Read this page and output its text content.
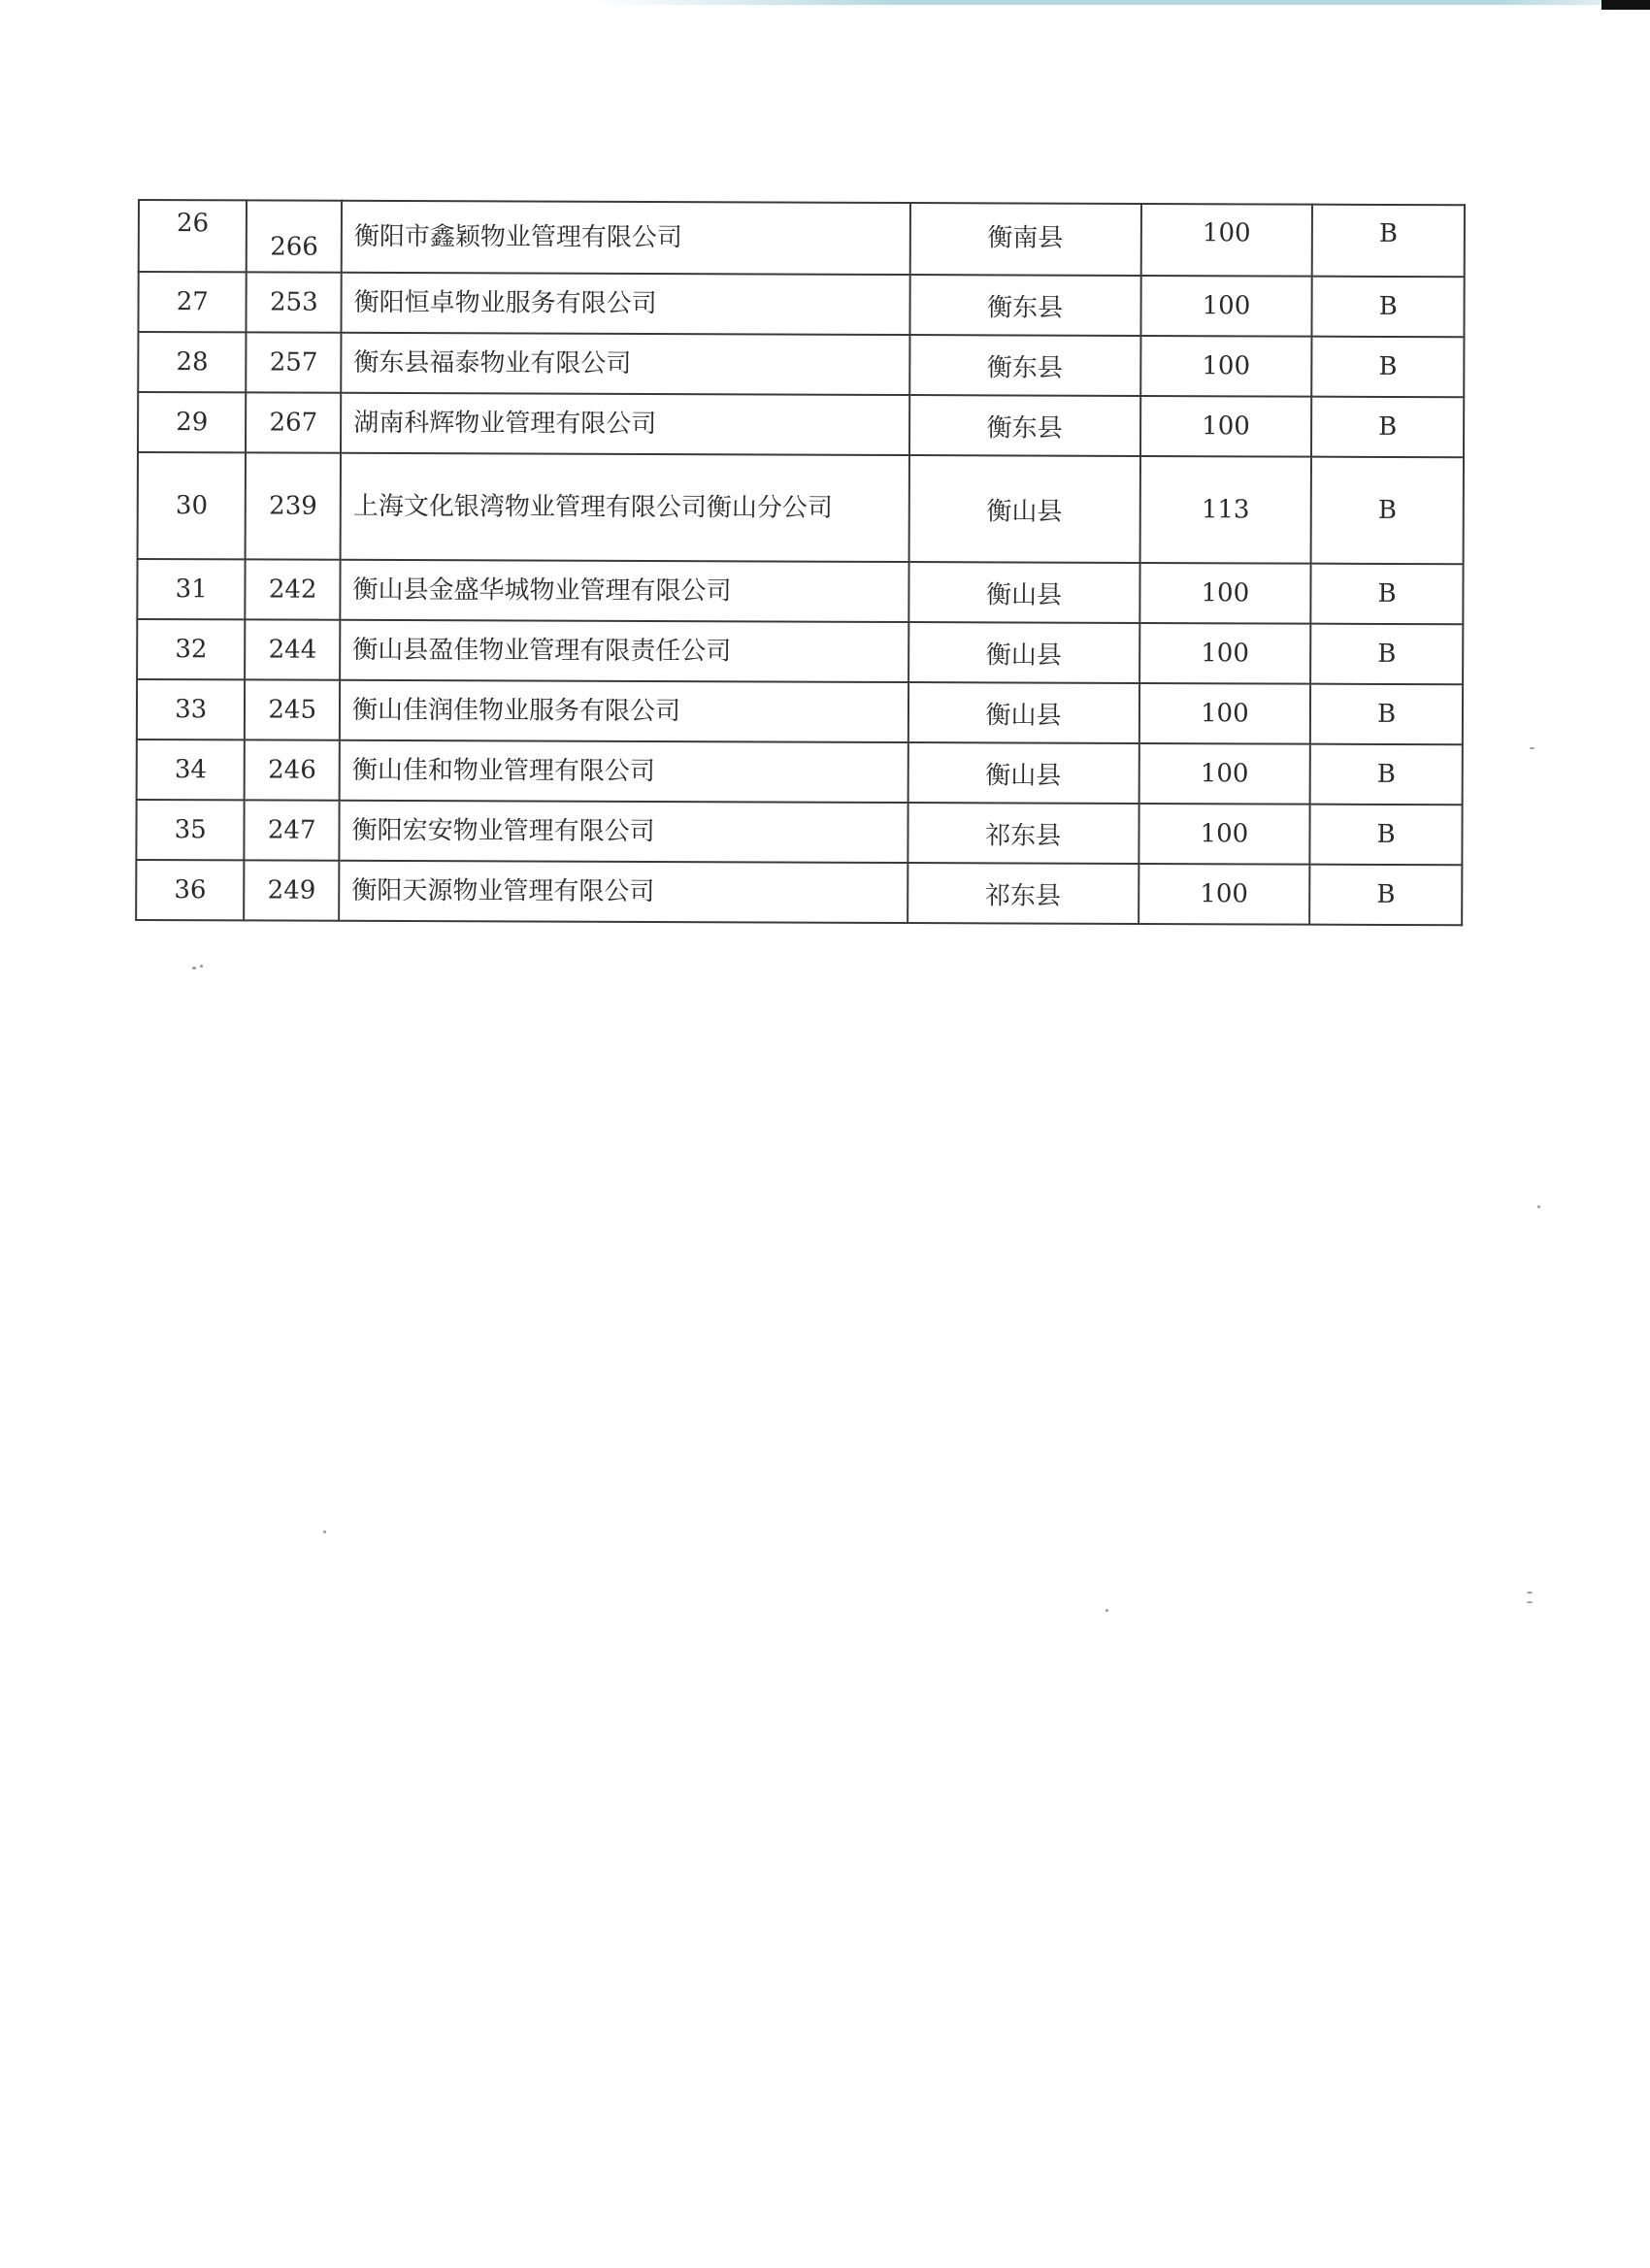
26	266	衡阳市鑫颖物业管理有限公司	衡南县	100	B
27	253	衡阳恒卓物业服务有限公司	衡东县	100	B
28	257	衡东县福泰物业有限公司	衡东县	100	B
29	267	湖南科辉物业管理有限公司	衡东县	100	B
30	239	上海文化银湾物业管理有限公司衡山分公司	衡山县	113	B
31	242	衡山县金盛华城物业管理有限公司	衡山县	100	B
32	244	衡山县盈佳物业管理有限责任公司	衡山县	100	B
33	245	衡山佳润佳物业服务有限公司	衡山县	100	B
34	246	衡山佳和物业管理有限公司	衡山县	100	B
35	247	衡阳宏安物业管理有限公司	祁东县	100	B
36	249	衡阳天源物业管理有限公司	祁东县	100	B
